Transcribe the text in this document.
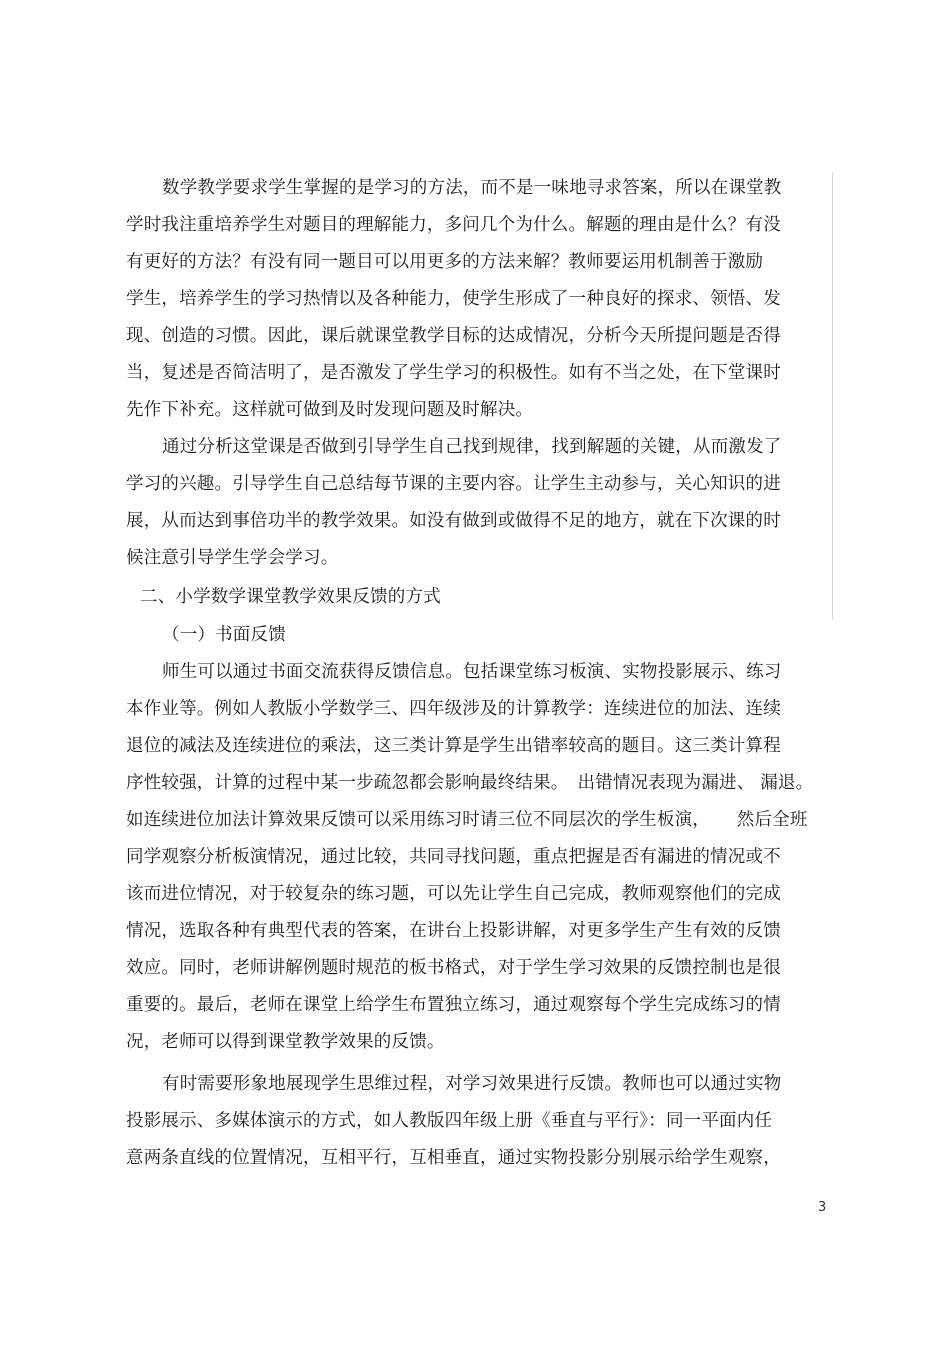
数学教学要求学生掌握的是学习的方法，而不是一味地寻求答案，所以在课堂教
学时我注重培养学生对题目的理解能力，多问几个为什么。解题的理由是什么？有没
有更好的方法？有没有同一题目可以用更多的方法来解？教师要运用机制善于激励
学生，培养学生的学习热情以及各种能力，使学生形成了一种良好的探求、领悟、发
现、创造的习惯。因此，课后就课堂教学目标的达成情况，分析今天所提问题是否得
当，复述是否简洁明了，是否激发了学生学习的积极性。如有不当之处，在下堂课时
先作下补充。这样就可做到及时发现问题及时解决。
通过分析这堂课是否做到引导学生自己找到规律，找到解题的关键，从而激发了
学习的兴趣。引导学生自己总结每节课的主要内容。让学生主动参与，关心知识的进
展，从而达到事倍功半的教学效果。如没有做到或做得不足的地方，就在下次课的时
候注意引导学生学会学习。
二、小学数学课堂教学效果反馈的方式
（一）书面反馈
师生可以通过书面交流获得反馈信息。包括课堂练习板演、实物投影展示、练习
本作业等。例如人教版小学数学三、四年级涉及的计算教学：连续进位的加法、连续
退位的减法及连续进位的乘法，这三类计算是学生出错率较高的题目。这三类计算程
序性较强，计算的过程中某一步疏忽都会影响最终结果。　出错情况表现为漏进、 漏退。
如连续进位加法计算效果反馈可以采用练习时请三位不同层次的学生板演，　　然后全班
同学观察分析板演情况，通过比较，共同寻找问题，重点把握是否有漏进的情况或不
该而进位情况，对于较复杂的练习题，可以先让学生自己完成，教师观察他们的完成
情况，选取各种有典型代表的答案，在讲台上投影讲解，对更多学生产生有效的反馈
效应。同时，老师讲解例题时规范的板书格式，对于学生学习效果的反馈控制也是很
重要的。最后，老师在课堂上给学生布置独立练习，通过观察每个学生完成练习的情
况，老师可以得到课堂教学效果的反馈。
有时需要形象地展现学生思维过程，对学习效果进行反馈。教师也可以通过实物
投影展示、多媒体演示的方式，如人教版四年级上册《垂直与平行》：同一平面内任
意两条直线的位置情况，互相平行，互相垂直，通过实物投影分别展示给学生观察，
3
